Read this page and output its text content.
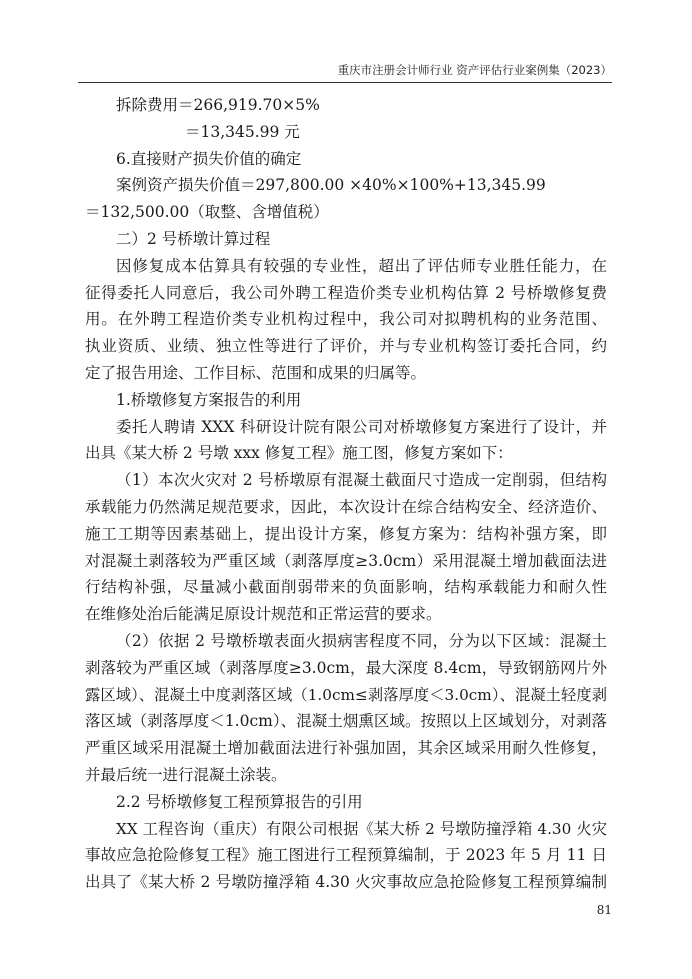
重庆市注册会计师行业 资产评估行业案例集（2023）
拆除费用＝266,919.70×5%
＝13,345.99 元
6.直接财产损失价值的确定
案例资产损失价值＝297,800.00 ×40%×100%+13,345.99
＝132,500.00（取整、含增值税）
二）2 号桥墩计算过程
因修复成本估算具有较强的专业性，超出了评估师专业胜任能力，在
征得委托人同意后，我公司外聘工程造价类专业机构估算 2 号桥墩修复费
用。在外聘工程造价类专业机构过程中，我公司对拟聘机构的业务范围、
执业资质、业绩、独立性等进行了评价，并与专业机构签订委托合同，约
定了报告用途、工作目标、范围和成果的归属等。
1.桥墩修复方案报告的利用
委托人聘请 XXX 科研设计院有限公司对桥墩修复方案进行了设计，并
出具《某大桥 2 号墩 xxx 修复工程》施工图，修复方案如下：
（1）本次火灾对 2 号桥墩原有混凝土截面尺寸造成一定削弱，但结构
承载能力仍然满足规范要求，因此，本次设计在综合结构安全、经济造价、
施工工期等因素基础上，提出设计方案，修复方案为：结构补强方案，即
对混凝土剥落较为严重区域（剥落厚度≥3.0cm）采用混凝土增加截面法进
行结构补强，尽量减小截面削弱带来的负面影响，结构承载能力和耐久性
在维修处治后能满足原设计规范和正常运营的要求。
（2）依据 2 号墩桥墩表面火损病害程度不同，分为以下区域：混凝土
剥落较为严重区域（剥落厚度≥3.0cm，最大深度 8.4cm，导致钢筋网片外
露区域）、混凝土中度剥落区域（1.0cm≤剥落厚度＜3.0cm）、混凝土轻度剥
落区域（剥落厚度＜1.0cm）、混凝土烟熏区域。按照以上区域划分，对剥落
严重区域采用混凝土增加截面法进行补强加固，其余区域采用耐久性修复，
并最后统一进行混凝土涂装。
2.2 号桥墩修复工程预算报告的引用
XX 工程咨询（重庆）有限公司根据《某大桥 2 号墩防撞浮箱 4.30 火灾
事故应急抢险修复工程》施工图进行工程预算编制，于 2023 年 5 月 11 日
出具了《某大桥 2 号墩防撞浮箱 4.30 火灾事故应急抢险修复工程预算编制
81
